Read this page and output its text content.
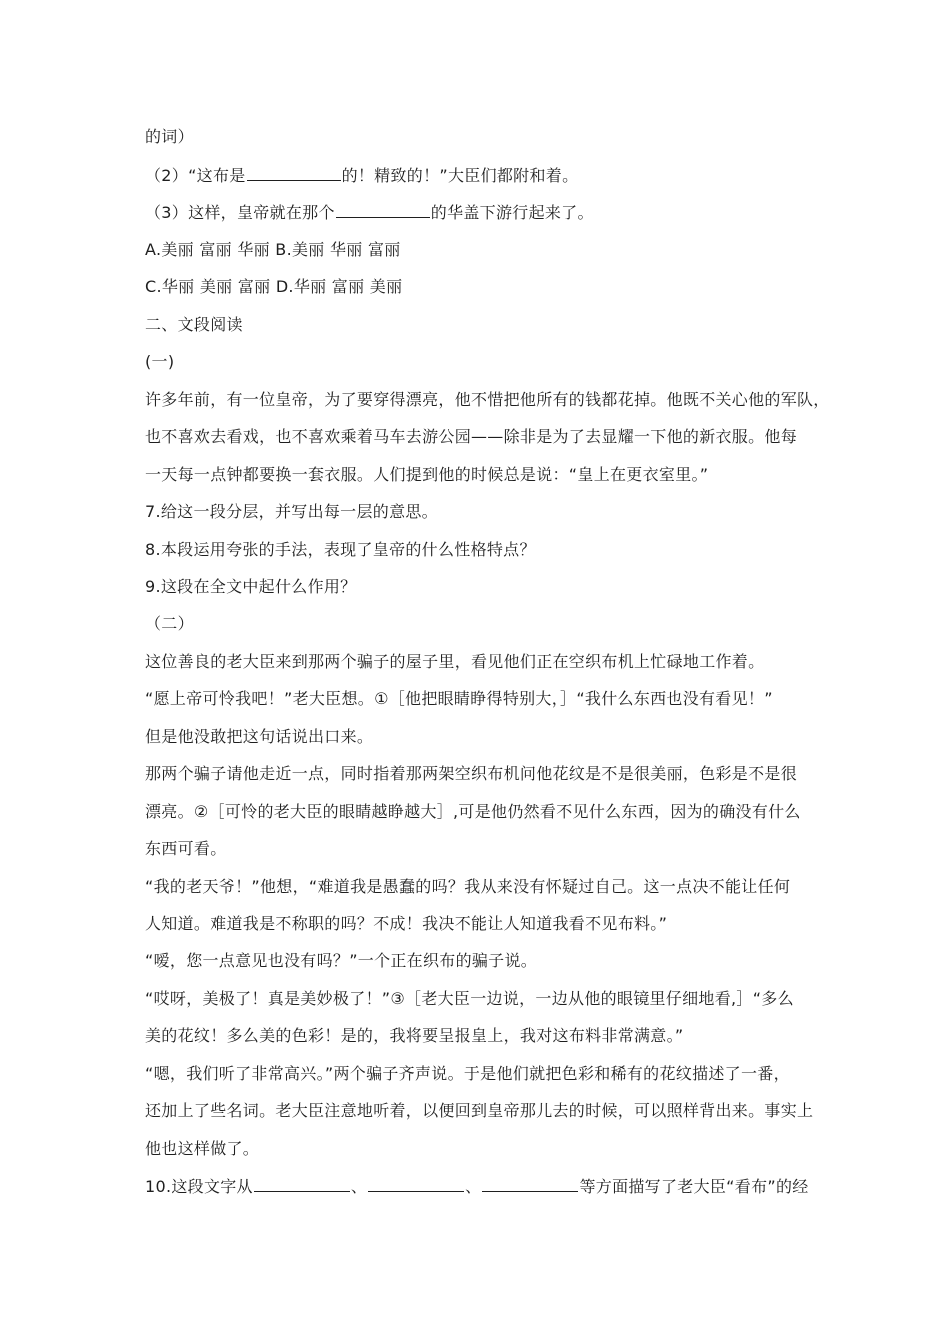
的词）
（2）“这布是	的！精致的！”大臣们都附和着。
（3）这样，皇帝就在那个	的华盖下游行起来了。
A.美丽 富丽 华丽 B.美丽 华丽 富丽
C.华丽 美丽 富丽 D.华丽 富丽 美丽
二、文段阅读
(一)
许多年前，有一位皇帝，为了要穿得漂亮，他不惜把他所有的钱都花掉。他既不关心他的军队，
也不喜欢去看戏，也不喜欢乘着马车去游公园——除非是为了去显耀一下他的新衣服。他每
一天每一点钟都要换一套衣服。人们提到他的时候总是说：“皇上在更衣室里。”
7.给这一段分层，并写出每一层的意思。
8.本段运用夸张的手法，表现了皇帝的什么性格特点？
9.这段在全文中起什么作用？
（二）
这位善良的老大臣来到那两个骗子的屋子里，看见他们正在空织布机上忙碌地工作着。
“愿上帝可怜我吧！”老大臣想。①［他把眼睛睁得特别大，］“我什么东西也没有看见！”
但是他没敢把这句话说出口来。
那两个骗子请他走近一点，同时指着那两架空织布机问他花纹是不是很美丽，色彩是不是很
漂亮。②［可怜的老大臣的眼睛越睁越大］,可是他仍然看不见什么东西，因为的确没有什么
东西可看。
“我的老天爷！”他想，“难道我是愚蠢的吗？我从来没有怀疑过自己。这一点决不能让任何
人知道。难道我是不称职的吗？不成！我决不能让人知道我看不见布料。”
“嗳，您一点意见也没有吗？”一个正在织布的骗子说。
“哎呀，美极了！真是美妙极了！”③［老大臣一边说，一边从他的眼镜里仔细地看,］“多么
美的花纹！多么美的色彩！是的，我将要呈报皇上，我对这布料非常满意。”
“嗯，我们听了非常高兴。”两个骗子齐声说。于是他们就把色彩和稀有的花纹描述了一番，
还加上了些名词。老大臣注意地听着，以便回到皇帝那儿去的时候，可以照样背出来。事实上
他也这样做了。
10.这段文字从	、	、	等方面描写了老大臣“看布”的经
